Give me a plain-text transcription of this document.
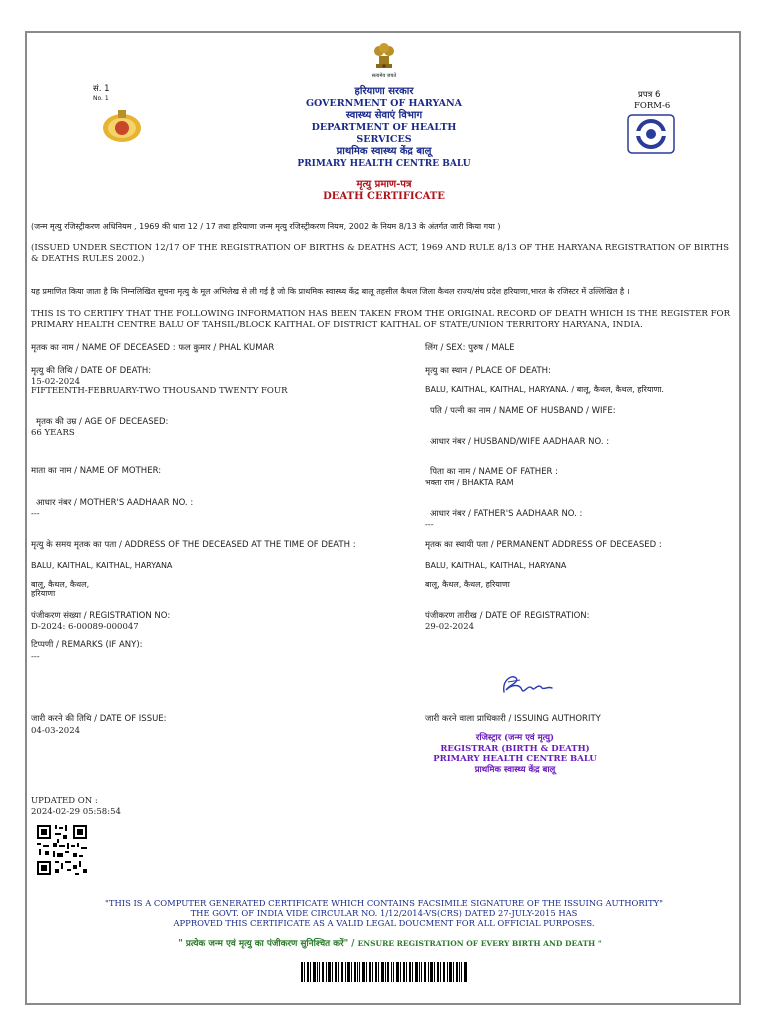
सत्यमेव जयते
सं. 1
No. 1
हरियाणा सरकार
GOVERNMENT OF HARYANA
स्वास्थ्य सेवाएं विभाग
DEPARTMENT OF HEALTH SERVICES
प्राथमिक स्वास्थ्य केंद्र बालू
PRIMARY HEALTH CENTRE BALU
प्रपत्र 6
FORM-6
मृत्यु प्रमाण-पत्र
DEATH CERTIFICATE
(जन्म मृत्यु रजिस्ट्रीकरण अधिनियम , 1969 की धारा 12 / 17 तथा हरियाणा जन्म मृत्यु रजिस्ट्रीकरण नियम, 2002 के नियम 8/13 के अंतर्गत जारी किया गया )
(ISSUED UNDER SECTION 12/17 OF THE REGISTRATION OF BIRTHS & DEATHS ACT, 1969 AND RULE 8/13 OF THE HARYANA REGISTRATION OF BIRTHS & DEATHS RULES 2002.)
यह प्रमाणित किया जाता है कि निम्नलिखित सूचना मृत्यु के मूल अभिलेख से ली गई है जो कि प्राथमिक स्वास्थ्य केंद्र बालू तहसील कैथल जिला कैथल राज्य/संघ प्रदेश हरियाणा,भारत के रजिस्टर में उल्लिखित है ।
THIS IS TO CERTIFY THAT THE FOLLOWING INFORMATION HAS BEEN TAKEN FROM THE ORIGINAL RECORD OF DEATH WHICH IS THE REGISTER FOR PRIMARY HEALTH CENTRE BALU OF TAHSIL/BLOCK KAITHAL OF DISTRICT KAITHAL OF STATE/UNION TERRITORY HARYANA, INDIA.
मृतक का नाम / NAME OF DECEASED : फल कुमार / PHAL KUMAR	लिंग / SEX: पुरुष / MALE
मृत्यु की तिथि / DATE OF DEATH:
15-02-2024
FIFTEENTH-FEBRUARY-TWO THOUSAND TWENTY FOUR
मृत्यु का स्थान / PLACE OF DEATH:
BALU, KAITHAL, KAITHAL, HARYANA. / बालू, कैथल, कैथल, हरियाणा.
पति / पत्नी का नाम / NAME OF HUSBAND / WIFE:
मृतक की उम्र / AGE OF DECEASED:
66 YEARS
आधार नंबर / HUSBAND/WIFE AADHAAR NO. :
माता का नाम / NAME OF MOTHER:	पिता का नाम / NAME OF FATHER :
भक्ता राम / BHAKTA RAM
आधार नंबर / MOTHER'S AADHAAR NO. :
---	आधार नंबर / FATHER'S AADHAAR NO. :
---
मृत्यु के समय मृतक का पता / ADDRESS OF THE DECEASED AT THE TIME OF DEATH :
BALU, KAITHAL, KAITHAL, HARYANA
बालू, कैथल, कैथल,
हरियाणा
मृतक का स्थायी पता / PERMANENT ADDRESS OF DECEASED :
BALU, KAITHAL, KAITHAL, HARYANA
बालू, कैथल, कैथल, हरियाणा
पंजीकरण संख्या / REGISTRATION NO:
D-2024: 6-00089-000047
पंजीकरण तारीख / DATE OF REGISTRATION:
29-02-2024
टिप्पणी / REMARKS (IF ANY):
---
जारी करने की तिथि / DATE OF ISSUE:
04-03-2024
जारी करने वाला प्राधिकारी / ISSUING AUTHORITY
रजिस्ट्रार (जन्म एवं मृत्यु)
REGISTRAR (BIRTH & DEATH)
PRIMARY HEALTH CENTRE BALU
प्राथमिक स्वास्थ्य केंद्र बालू
UPDATED ON :
2024-02-29 05:58:54
"THIS IS A COMPUTER GENERATED CERTIFICATE WHICH CONTAINS FACSIMILE SIGNATURE OF THE ISSUING AUTHORITY"
THE GOVT. OF INDIA VIDE CIRCULAR NO. 1/12/2014-VS(CRS) DATED 27-JULY-2015 HAS
APPROVED THIS CERTIFICATE AS A VALID LEGAL DOUCMENT FOR ALL OFFICIAL PURPOSES.
" प्रत्येक जन्म एवं मृत्यु का पंजीकरण सुनिश्चित करें" / ENSURE REGISTRATION OF EVERY BIRTH AND DEATH "
